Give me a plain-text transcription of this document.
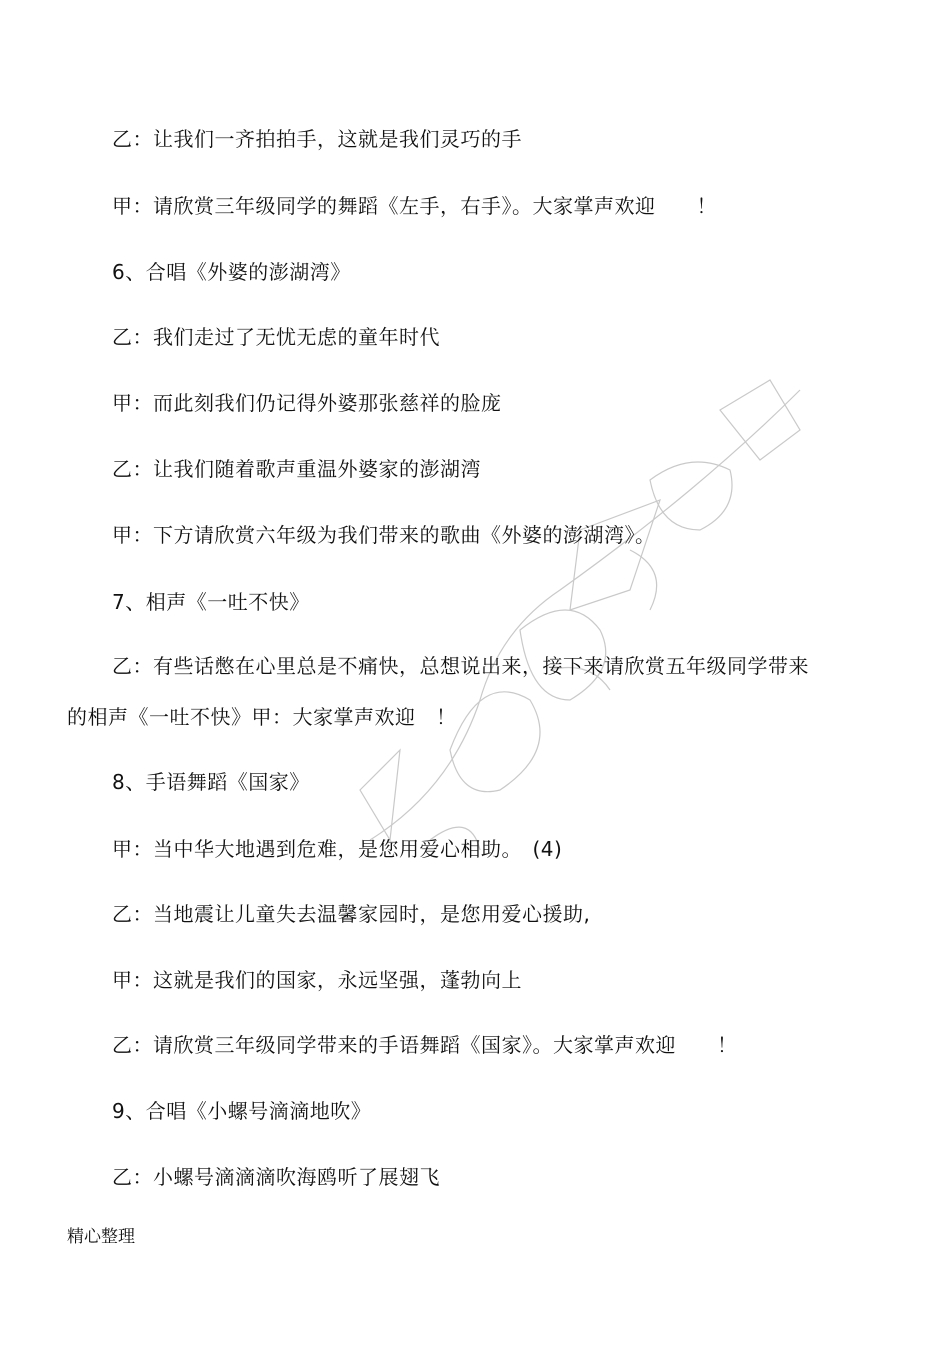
乙：让我们一齐拍拍手，这就是我们灵巧的手
甲：请欣赏三年级同学的舞蹈《左手，右手》。大家掌声欢迎　　！
6、合唱《外婆的澎湖湾》
乙：我们走过了无忧无虑的童年时代
甲：而此刻我们仍记得外婆那张慈祥的脸庞
乙：让我们随着歌声重温外婆家的澎湖湾
甲：下方请欣赏六年级为我们带来的歌曲《外婆的澎湖湾》。
7、相声《一吐不快》
乙：有些话憋在心里总是不痛快，总想说出来，接下来请欣赏五年级同学带来
的相声《一吐不快》甲：大家掌声欢迎　！
8、手语舞蹈《国家》
甲：当中华大地遇到危难，是您用爱心相助。　(4)
乙：当地震让儿童失去温馨家园时，是您用爱心援助,
甲：这就是我们的国家，永远坚强，蓬勃向上
乙：请欣赏三年级同学带来的手语舞蹈《国家》。大家掌声欢迎　　！
9、合唱《小螺号滴滴地吹》
乙：小螺号滴滴滴吹海鸥听了展翅飞
精心整理
